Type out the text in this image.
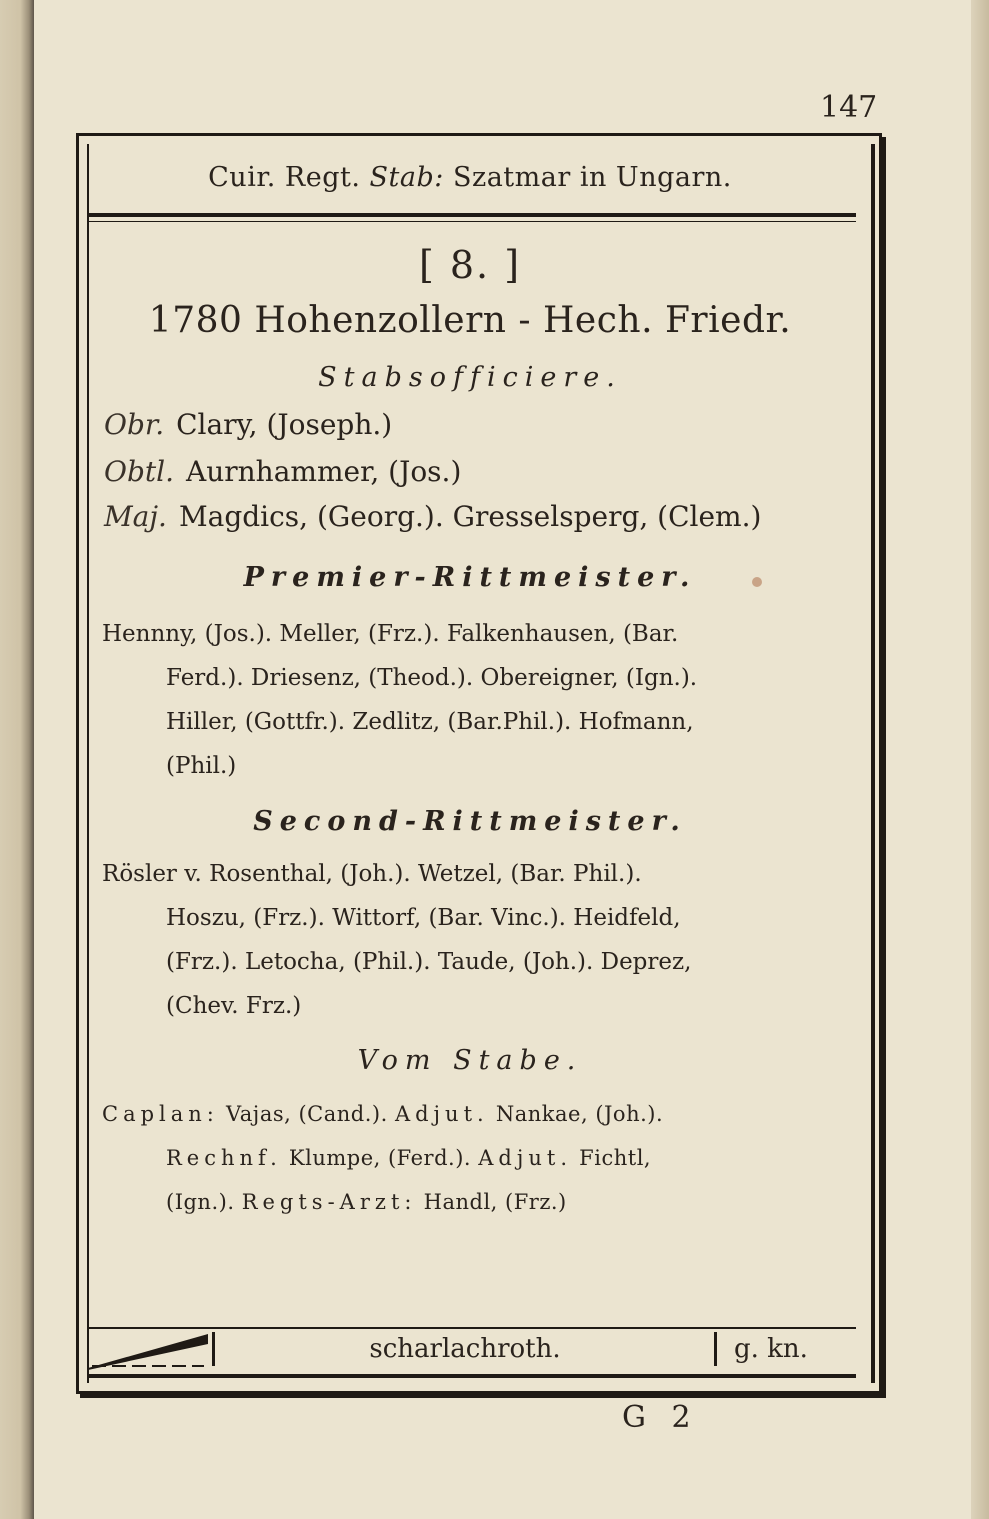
147
Cuir. Regt. Stab: Szatmar in Ungarn.
[ 8. ]
1780 Hohenzollern - Hech. Friedr.
Stabsofficiere.
Obr. Clary, (Joseph.)
Obtl. Aurnhammer, (Jos.)
Maj. Magdics, (Georg.). Gresselsperg, (Clem.)
Premier-Rittmeister.
Hennny, (Jos.). Meller, (Frz.). Falkenhausen, (Bar.
Ferd.). Driesenz, (Theod.). Obereigner, (Ign.).
Hiller, (Gottfr.). Zedlitz, (Bar.Phil.). Hofmann,
(Phil.)
Second-Rittmeister.
Rösler v. Rosenthal, (Joh.). Wetzel, (Bar. Phil.).
Hoszu, (Frz.). Wittorf, (Bar. Vinc.). Heidfeld,
(Frz.). Letocha, (Phil.). Taude, (Joh.). Deprez,
(Chev. Frz.)
Vom Stabe.
Caplan: Vajas, (Cand.). Adjut. Nankae, (Joh.).
Rechnf. Klumpe, (Ferd.). Adjut. Fichtl,
(Ign.). Regts-Arzt: Handl, (Frz.)
scharlachroth.	g. kn.
G 2
